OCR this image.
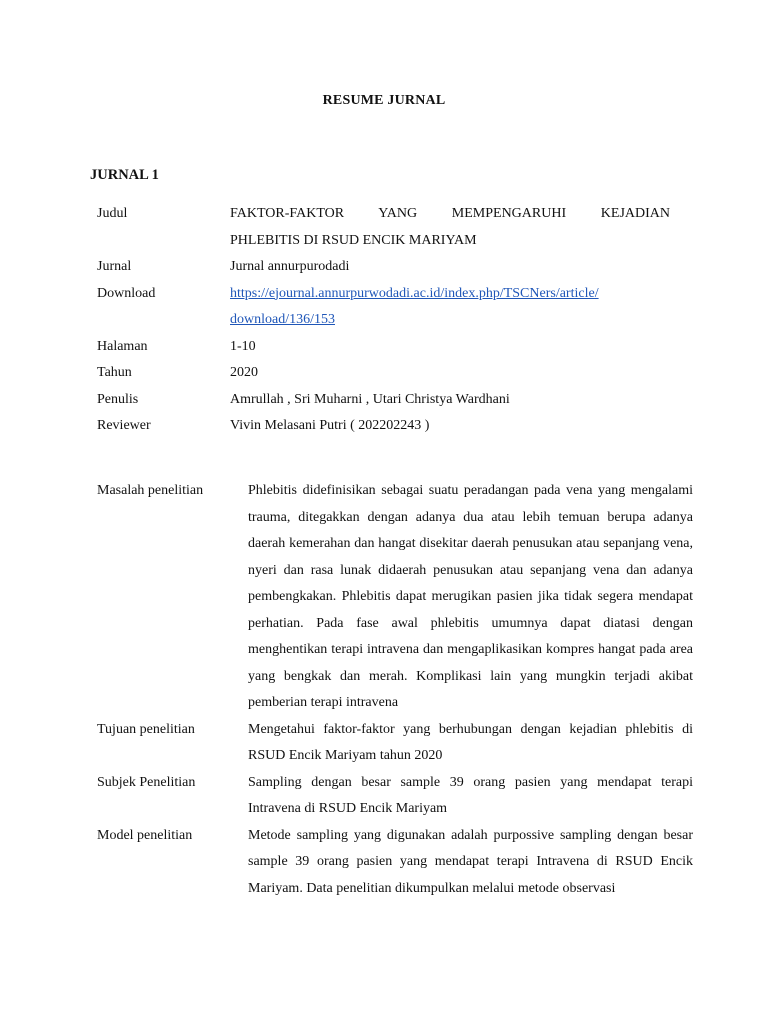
RESUME JURNAL
JURNAL 1
Judul	FAKTOR-FAKTOR YANG MEMPENGARUHI KEJADIAN
PHLEBITIS DI RSUD ENCIK MARIYAM
Jurnal	Jurnal annurpurodadi
Download	https://ejournal.annurpurwodadi.ac.id/index.php/TSCNers/article/
download/136/153
Halaman	1-10
Tahun	2020
Penulis	Amrullah , Sri Muharni , Utari Christya Wardhani
Reviewer	Vivin Melasani Putri ( 202202243 )
Masalah penelitian	Phlebitis didefinisikan sebagai suatu peradangan pada vena yang mengalami trauma, ditegakkan dengan adanya dua atau lebih temuan berupa adanya daerah kemerahan dan hangat disekitar daerah penusukan atau sepanjang vena, nyeri dan rasa lunak didaerah penusukan atau sepanjang vena dan adanya pembengkakan. Phlebitis dapat merugikan pasien jika tidak segera mendapat perhatian. Pada fase awal phlebitis umumnya dapat diatasi dengan menghentikan terapi intravena dan mengaplikasikan kompres hangat pada area yang bengkak dan merah. Komplikasi lain yang mungkin terjadi akibat pemberian terapi intravena
Tujuan penelitian	Mengetahui faktor-faktor yang berhubungan dengan kejadian phlebitis di RSUD Encik Mariyam tahun 2020
Subjek Penelitian	Sampling dengan besar sample 39 orang pasien yang mendapat terapi Intravena di RSUD Encik Mariyam
Model penelitian	Metode sampling yang digunakan adalah purpossive sampling dengan besar sample 39 orang pasien yang mendapat terapi Intravena di RSUD Encik Mariyam. Data penelitian dikumpulkan melalui metode observasi
